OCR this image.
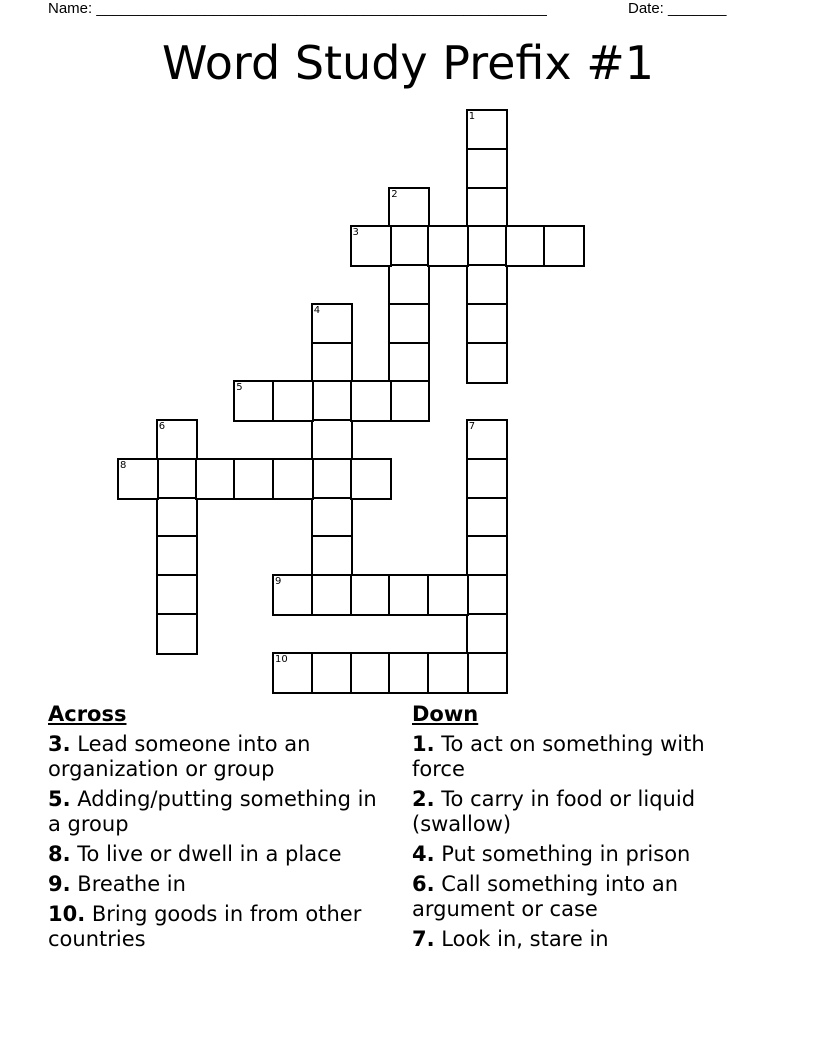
Name: ______________________________________________________	Date: _______
Word Study Prefix #1
1
2
3
4
5
6	7
8
9
10
Across
3. Lead someone into an organization or group
5. Adding/putting something in a group
8. To live or dwell in a place
9. Breathe in
10. Bring goods in from other countries
Down
1. To act on something with force
2. To carry in food or liquid (swallow)
4. Put something in prison
6. Call something into an argument or case
7. Look in, stare in
